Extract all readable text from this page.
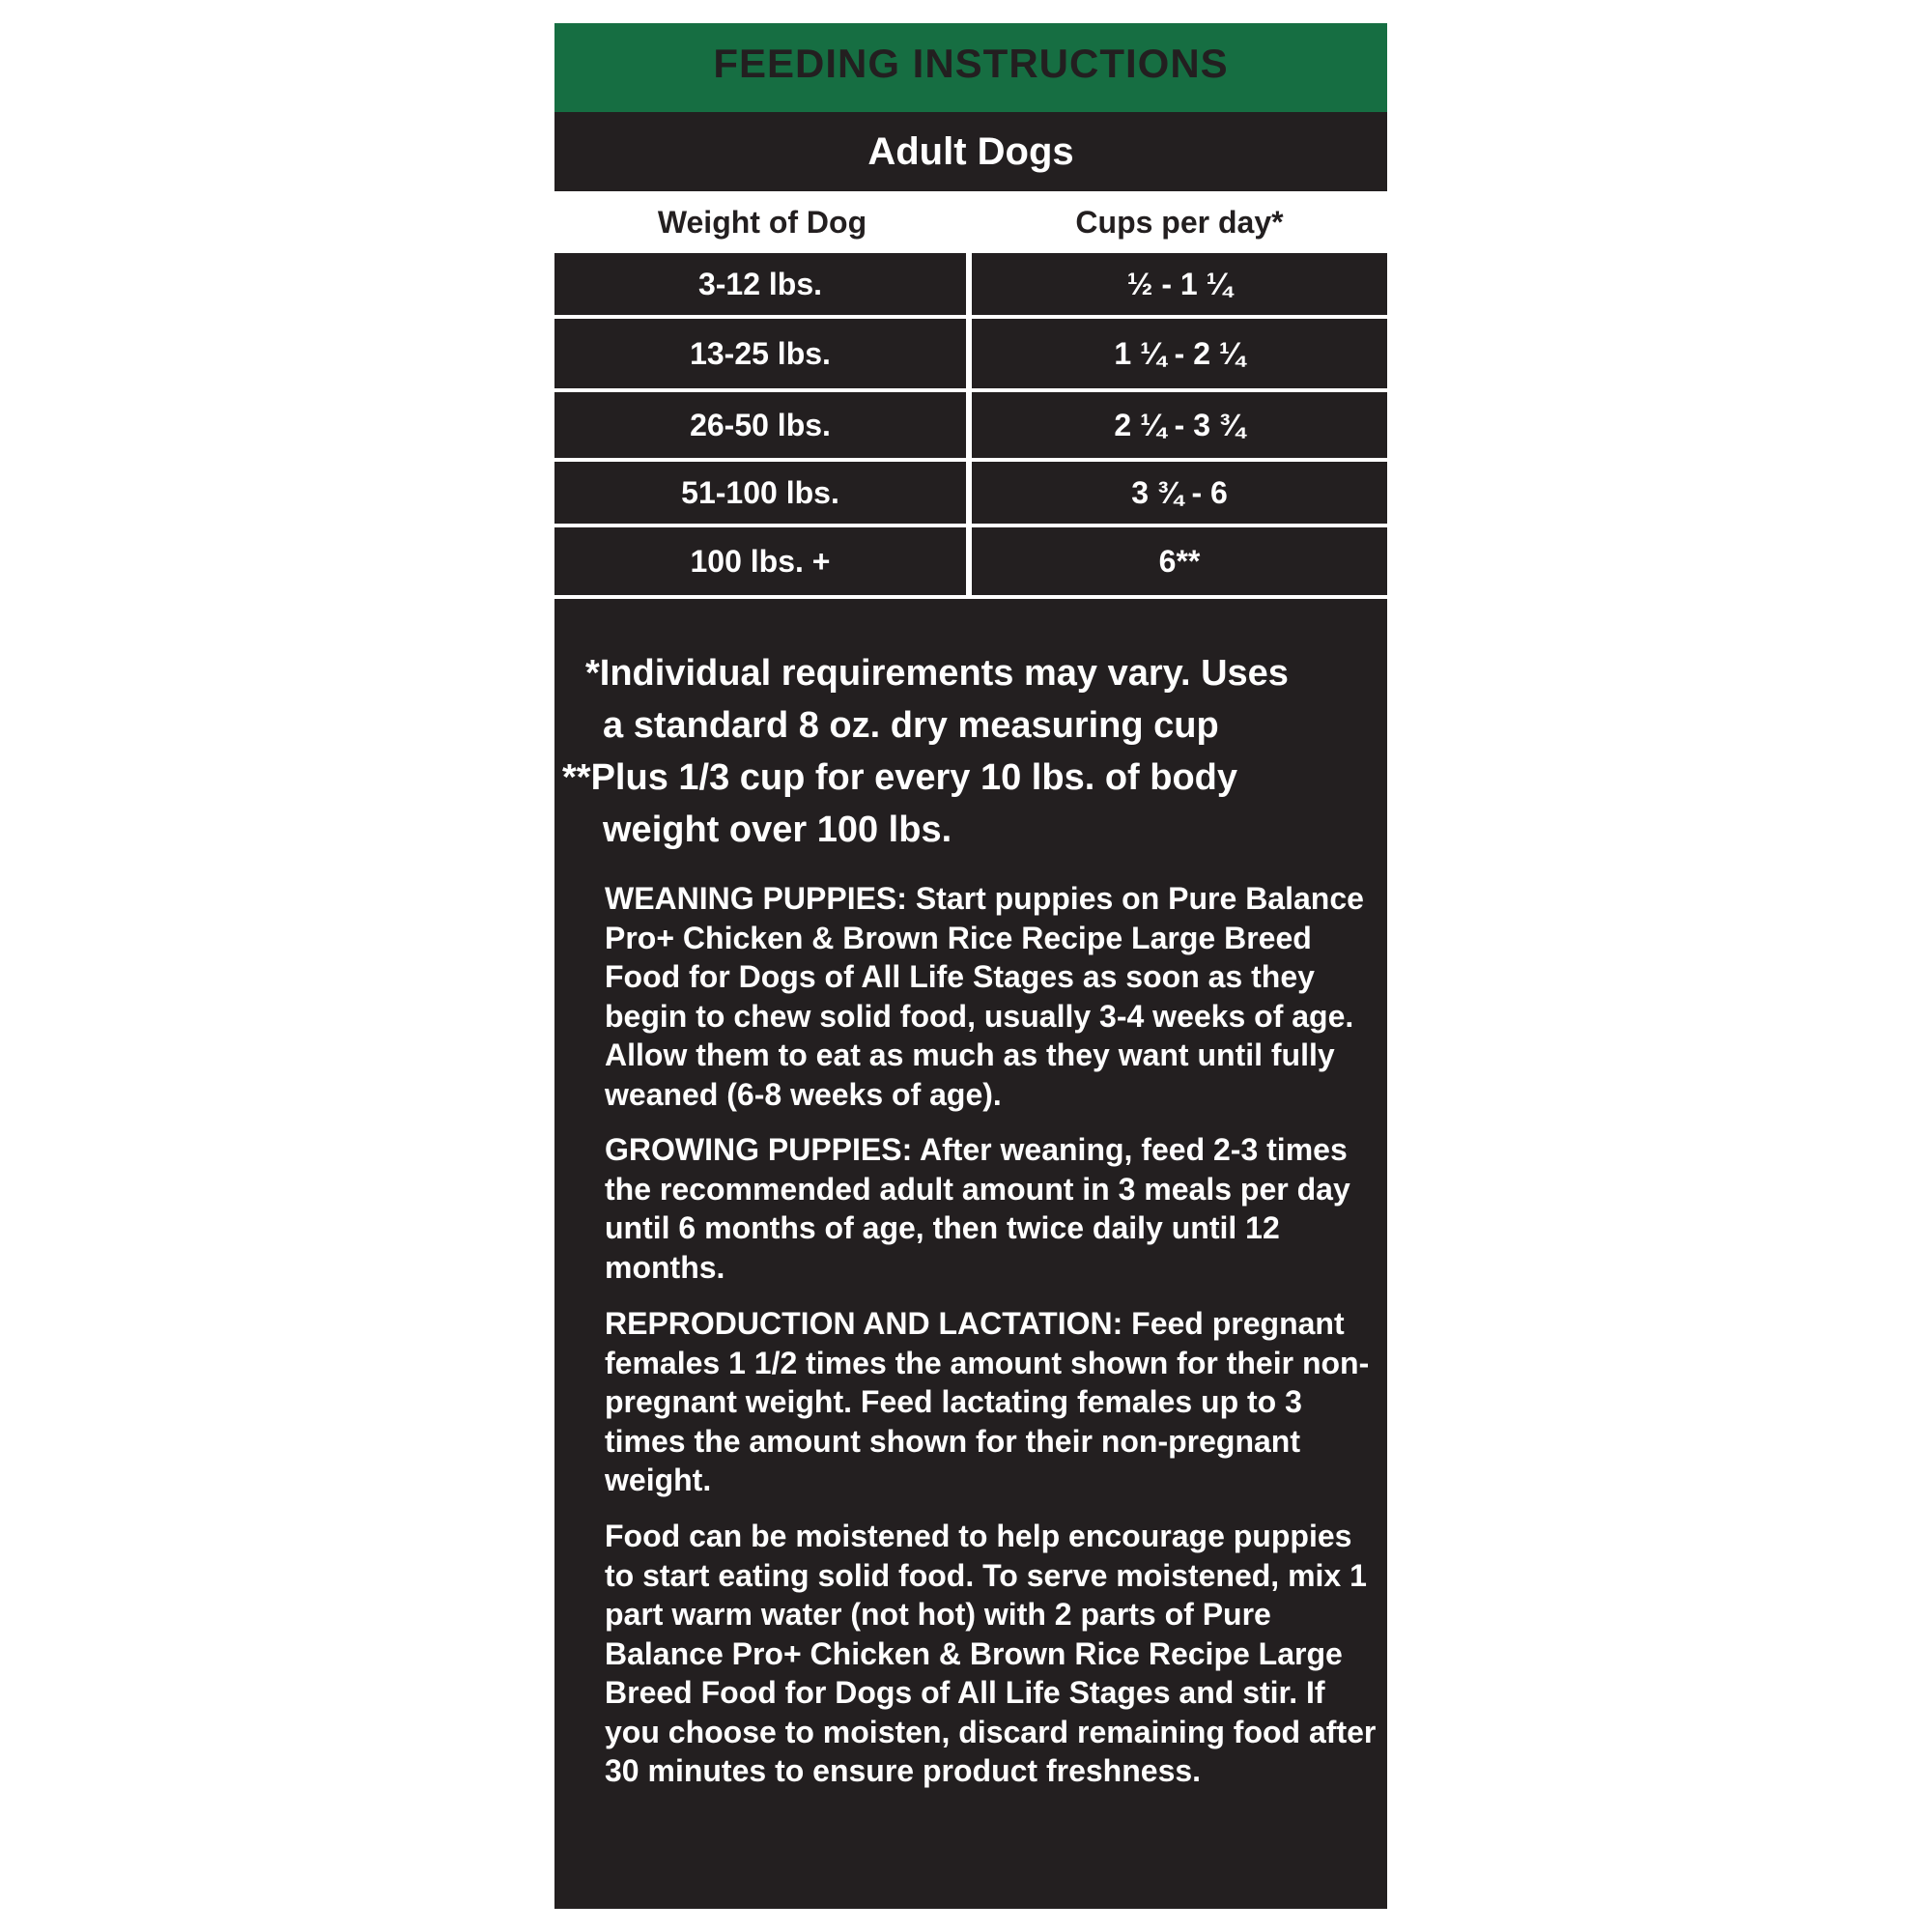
FEEDING INSTRUCTIONS
Adult Dogs
Weight of Dog	Cups per day*
3-12 lbs.	½ - 1 ¼
13-25 lbs.	1 ¼ - 2 ¼
26-50 lbs.	2 ¼ - 3 ¾
51-100 lbs.	3 ¾ - 6
100 lbs. +	6**
*Individual requirements may vary. Uses
a standard 8 oz. dry measuring cup
**Plus 1/3 cup for every 10 lbs. of body
weight over 100 lbs.

WEANING PUPPIES: Start puppies on Pure Balance Pro+ Chicken & Brown Rice Recipe Large Breed Food for Dogs of All Life Stages as soon as they begin to chew solid food, usually 3-4 weeks of age. Allow them to eat as much as they want until fully weaned (6-8 weeks of age).

GROWING PUPPIES: After weaning, feed 2-3 times the recommended adult amount in 3 meals per day until 6 months of age, then twice daily until 12 months.

REPRODUCTION AND LACTATION: Feed pregnant females 1 1/2 times the amount shown for their non-pregnant weight. Feed lactating females up to 3 times the amount shown for their non-pregnant weight.

Food can be moistened to help encourage puppies to start eating solid food. To serve moistened, mix 1 part warm water (not hot) with 2 parts of Pure Balance Pro+ Chicken & Brown Rice Recipe Large Breed Food for Dogs of All Life Stages and stir. If you choose to moisten, discard remaining food after 30 minutes to ensure product freshness.
